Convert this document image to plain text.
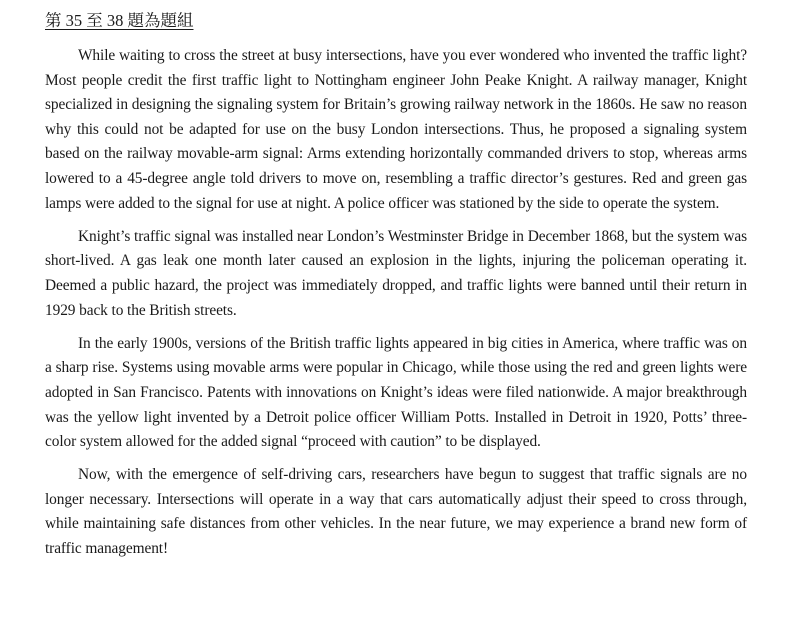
第 35 至 38 題為題組

While waiting to cross the street at busy intersections, have you ever wondered who invented the traffic light? Most people credit the first traffic light to Nottingham engineer John Peake Knight. A railway manager, Knight specialized in designing the signaling system for Britain’s growing railway network in the 1860s. He saw no reason why this could not be adapted for use on the busy London intersections. Thus, he proposed a signaling system based on the railway movable-arm signal: Arms extending horizontally commanded drivers to stop, whereas arms lowered to a 45-degree angle told drivers to move on, resembling a traffic director’s gestures. Red and green gas lamps were added to the signal for use at night. A police officer was stationed by the side to operate the system.

Knight’s traffic signal was installed near London’s Westminster Bridge in December 1868, but the system was short-lived. A gas leak one month later caused an explosion in the lights, injuring the policeman operating it. Deemed a public hazard, the project was immediately dropped, and traffic lights were banned until their return in 1929 back to the British streets.

In the early 1900s, versions of the British traffic lights appeared in big cities in America, where traffic was on a sharp rise. Systems using movable arms were popular in Chicago, while those using the red and green lights were adopted in San Francisco. Patents with innovations on Knight’s ideas were filed nationwide. A major breakthrough was the yellow light invented by a Detroit police officer William Potts. Installed in Detroit in 1920, Potts’ three-color system allowed for the added signal “proceed with caution” to be displayed.

Now, with the emergence of self-driving cars, researchers have begun to suggest that traffic signals are no longer necessary. Intersections will operate in a way that cars automatically adjust their speed to cross through, while maintaining safe distances from other vehicles. In the near future, we may experience a brand new form of traffic management!
